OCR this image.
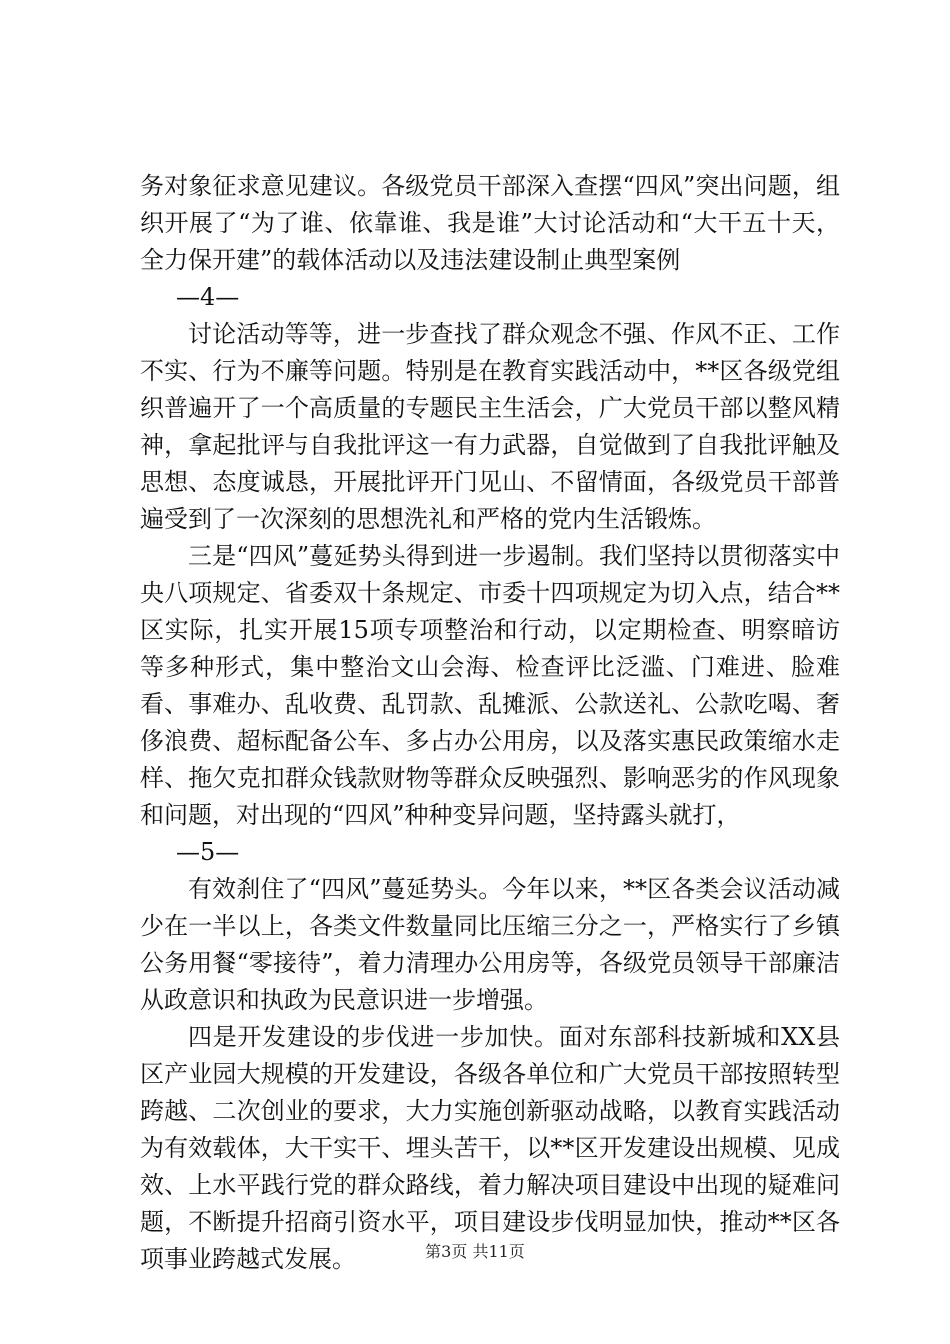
务对象征求意见建议。各级党员干部深入查摆“四风”突出问题，组织开展了“为了谁、依靠谁、我是谁”大讨论活动和“大干五十天，全力保开建”的载体活动以及违法建设制止典型案例

—4—

讨论活动等等，进一步查找了群众观念不强、作风不正、工作不实、行为不廉等问题。特别是在教育实践活动中，**区各级党组织普遍开了一个高质量的专题民主生活会，广大党员干部以整风精神，拿起批评与自我批评这一有力武器，自觉做到了自我批评触及思想、态度诚恳，开展批评开门见山、不留情面，各级党员干部普遍受到了一次深刻的思想洗礼和严格的党内生活锻炼。

三是“四风”蔓延势头得到进一步遏制。我们坚持以贯彻落实中央八项规定、省委双十条规定、市委十四项规定为切入点，结合**区实际，扎实开展15项专项整治和行动，以定期检查、明察暗访等多种形式，集中整治文山会海、检查评比泛滥、门难进、脸难看、事难办、乱收费、乱罚款、乱摊派、公款送礼、公款吃喝、奢侈浪费、超标配备公车、多占办公用房，以及落实惠民政策缩水走样、拖欠克扣群众钱款财物等群众反映强烈、影响恶劣的作风现象和问题，对出现的“四风”种种变异问题，坚持露头就打，

—5—

有效刹住了“四风”蔓延势头。今年以来，**区各类会议活动减少在一半以上，各类文件数量同比压缩三分之一，严格实行了乡镇公务用餐“零接待”，着力清理办公用房等，各级党员领导干部廉洁从政意识和执政为民意识进一步增强。

四是开发建设的步伐进一步加快。面对东部科技新城和XX县区产业园大规模的开发建设，各级各单位和广大党员干部按照转型跨越、二次创业的要求，大力实施创新驱动战略，以教育实践活动为有效载体，大干实干、埋头苦干，以**区开发建设出规模、见成效、上水平践行党的群众路线，着力解决项目建设中出现的疑难问题，不断提升招商引资水平，项目建设步伐明显加快，推动**区各项事业跨越式发展。	第3页 共11页
